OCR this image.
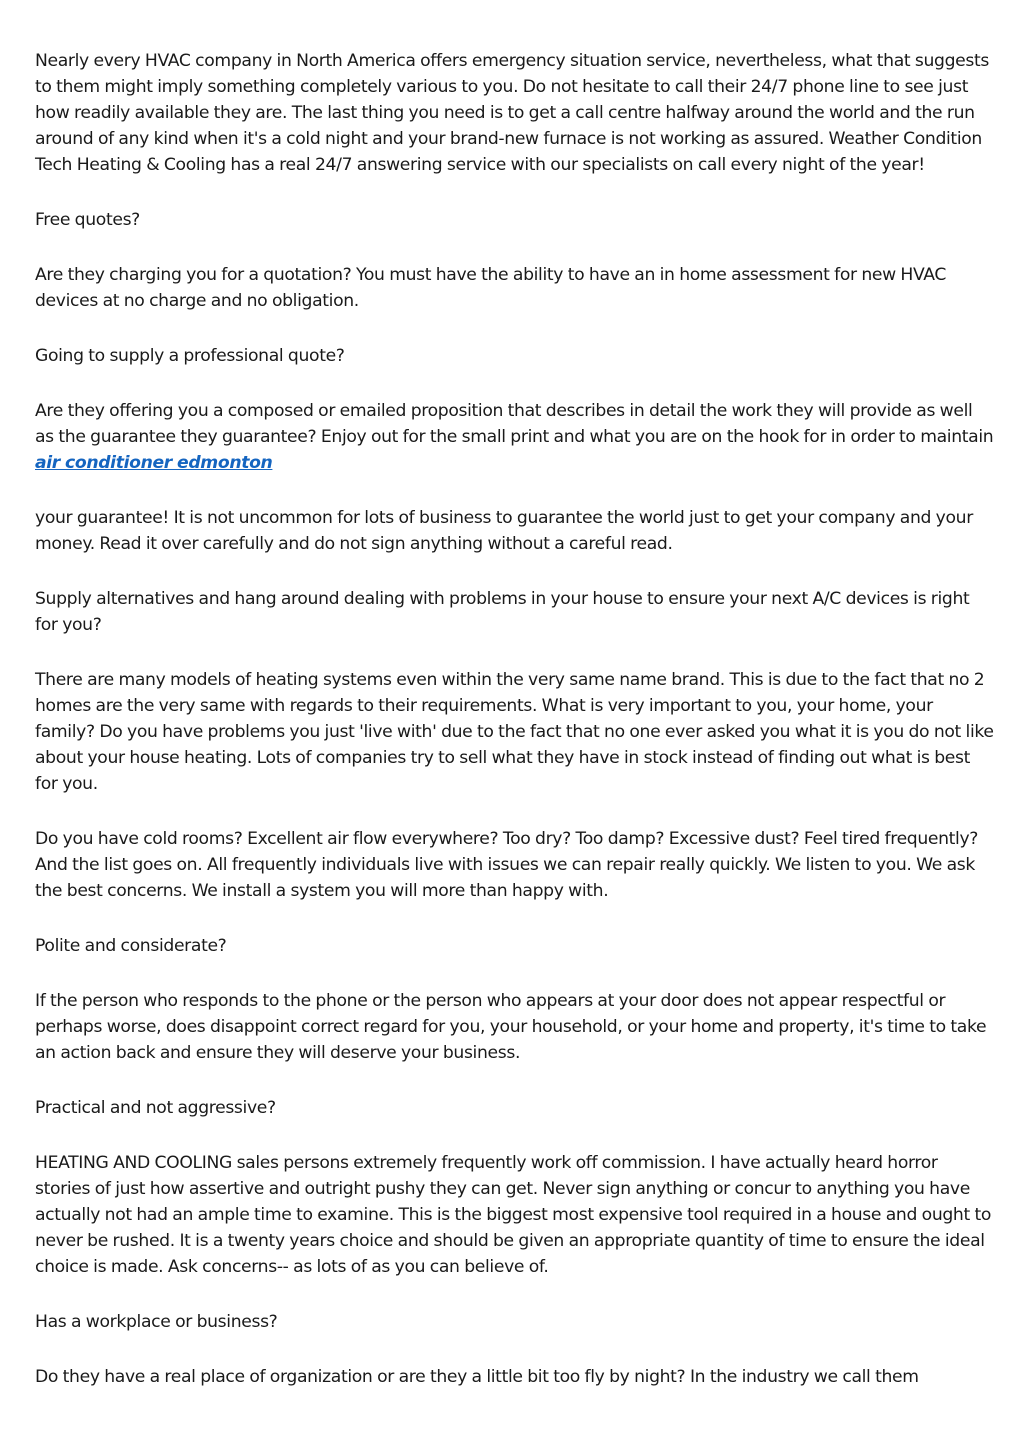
Nearly every HVAC company in North America offers emergency situation service, nevertheless, what that suggests to them might imply something completely various to you. Do not hesitate to call their 24/7 phone line to see just how readily available they are. The last thing you need is to get a call centre halfway around the world and the run around of any kind when it's a cold night and your brand-new furnace is not working as assured. Weather Condition Tech Heating & Cooling has a real 24/7 answering service with our specialists on call every night of the year!

Free quotes?

Are they charging you for a quotation? You must have the ability to have an in home assessment for new HVAC devices at no charge and no obligation.

Going to supply a professional quote?

Are they offering you a composed or emailed proposition that describes in detail the work they will provide as well as the guarantee they guarantee? Enjoy out for the small print and what you are on the hook for in order to maintain air conditioner edmonton

your guarantee! It is not uncommon for lots of business to guarantee the world just to get your company and your money. Read it over carefully and do not sign anything without a careful read.

Supply alternatives and hang around dealing with problems in your house to ensure your next A/C devices is right for you?

There are many models of heating systems even within the very same name brand. This is due to the fact that no 2 homes are the very same with regards to their requirements. What is very important to you, your home, your family? Do you have problems you just 'live with' due to the fact that no one ever asked you what it is you do not like about your house heating. Lots of companies try to sell what they have in stock instead of finding out what is best for you.

Do you have cold rooms? Excellent air flow everywhere? Too dry? Too damp? Excessive dust? Feel tired frequently? And the list goes on. All frequently individuals live with issues we can repair really quickly. We listen to you. We ask the best concerns. We install a system you will more than happy with.

Polite and considerate?

If the person who responds to the phone or the person who appears at your door does not appear respectful or perhaps worse, does disappoint correct regard for you, your household, or your home and property, it's time to take an action back and ensure they will deserve your business.

Practical and not aggressive?

HEATING AND COOLING sales persons extremely frequently work off commission. I have actually heard horror stories of just how assertive and outright pushy they can get. Never sign anything or concur to anything you have actually not had an ample time to examine. This is the biggest most expensive tool required in a house and ought to never be rushed. It is a twenty years choice and should be given an appropriate quantity of time to ensure the ideal choice is made. Ask concerns-- as lots of as you can believe of.

Has a workplace or business?

Do they have a real place of organization or are they a little bit too fly by night? In the industry we call them
